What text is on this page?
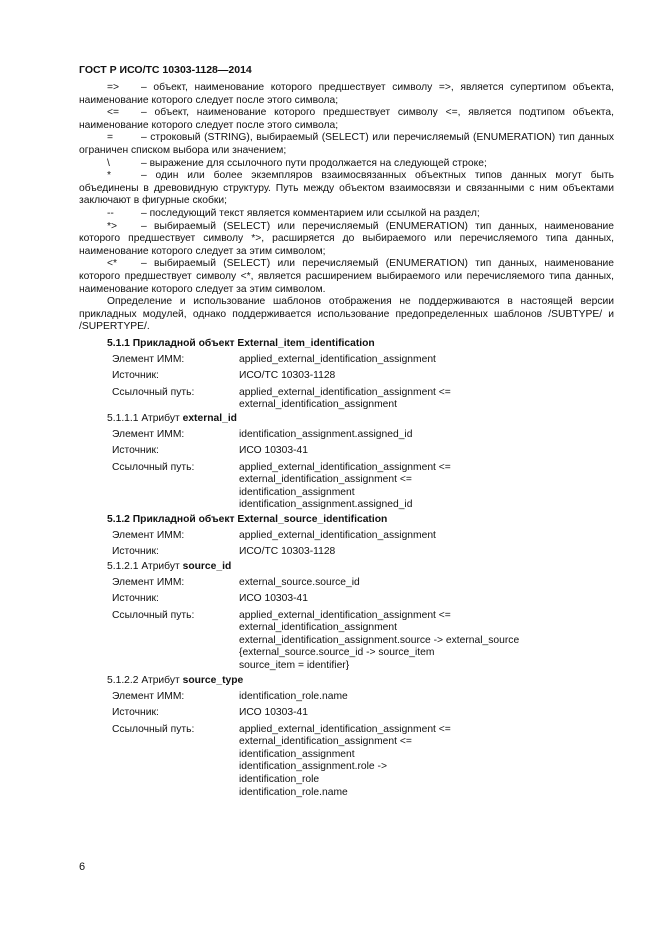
ГОСТ Р ИСО/ТС 10303-1128—2014
=>	– объект, наименование которого предшествует символу =>, является супертипом объекта, наименование которого следует после этого символа;
<=	– объект, наименование которого предшествует символу <=, является подтипом объекта, наименование которого следует после этого символа;
=	– строковый (STRING), выбираемый (SELECT) или перечисляемый (ENUMERATION) тип данных ограничен списком выбора или значением;
\	– выражение для ссылочного пути продолжается на следующей строке;
*	– один или более экземпляров взаимосвязанных объектных типов данных могут быть объединены в древовидную структуру. Путь между объектом взаимосвязи и связанными с ним объектами заключают в фигурные скобки;
--	– последующий текст является комментарием или ссылкой на раздел;
*>	– выбираемый (SELECT) или перечисляемый (ENUMERATION) тип данных, наименование которого предшествует символу *>, расширяется до выбираемого или перечисляемого типа данных, наименование которого следует за этим символом;
<*	– выбираемый (SELECT) или перечисляемый (ENUMERATION) тип данных, наименование которого предшествует символу <*, является расширением выбираемого или перечисляемого типа данных, наименование которого следует за этим символом.
Определение и использование шаблонов отображения не поддерживаются в настоящей версии прикладных модулей, однако поддерживается использование предопределенных шаблонов /SUBTYPE/ и /SUPERTYPE/.
5.1.1 Прикладной объект External_item_identification
Элемент ИММ:	applied_external_identification_assignment
Источник:	ИСО/ТС 10303-1128
Ссылочный путь:	applied_external_identification_assignment <=
external_identification_assignment
5.1.1.1 Атрибут external_id
Элемент ИММ:	identification_assignment.assigned_id
Источник:	ИСО 10303-41
Ссылочный путь:	applied_external_identification_assignment <=
external_identification_assignment <=
identification_assignment
identification_assignment.assigned_id
5.1.2 Прикладной объект External_source_identification
Элемент ИММ:	applied_external_identification_assignment
Источник:	ИСО/ТС 10303-1128
5.1.2.1 Атрибут source_id
Элемент ИММ:	external_source.source_id
Источник:	ИСО 10303-41
Ссылочный путь:	applied_external_identification_assignment <=
external_identification_assignment
external_identification_assignment.source -> external_source
{external_source.source_id -> source_item
source_item = identifier}
5.1.2.2 Атрибут source_type
Элемент ИММ:	identification_role.name
Источник:	ИСО 10303-41
Ссылочный путь:	applied_external_identification_assignment <=
external_identification_assignment <=
identification_assignment
identification_assignment.role ->
identification_role
identification_role.name
6
